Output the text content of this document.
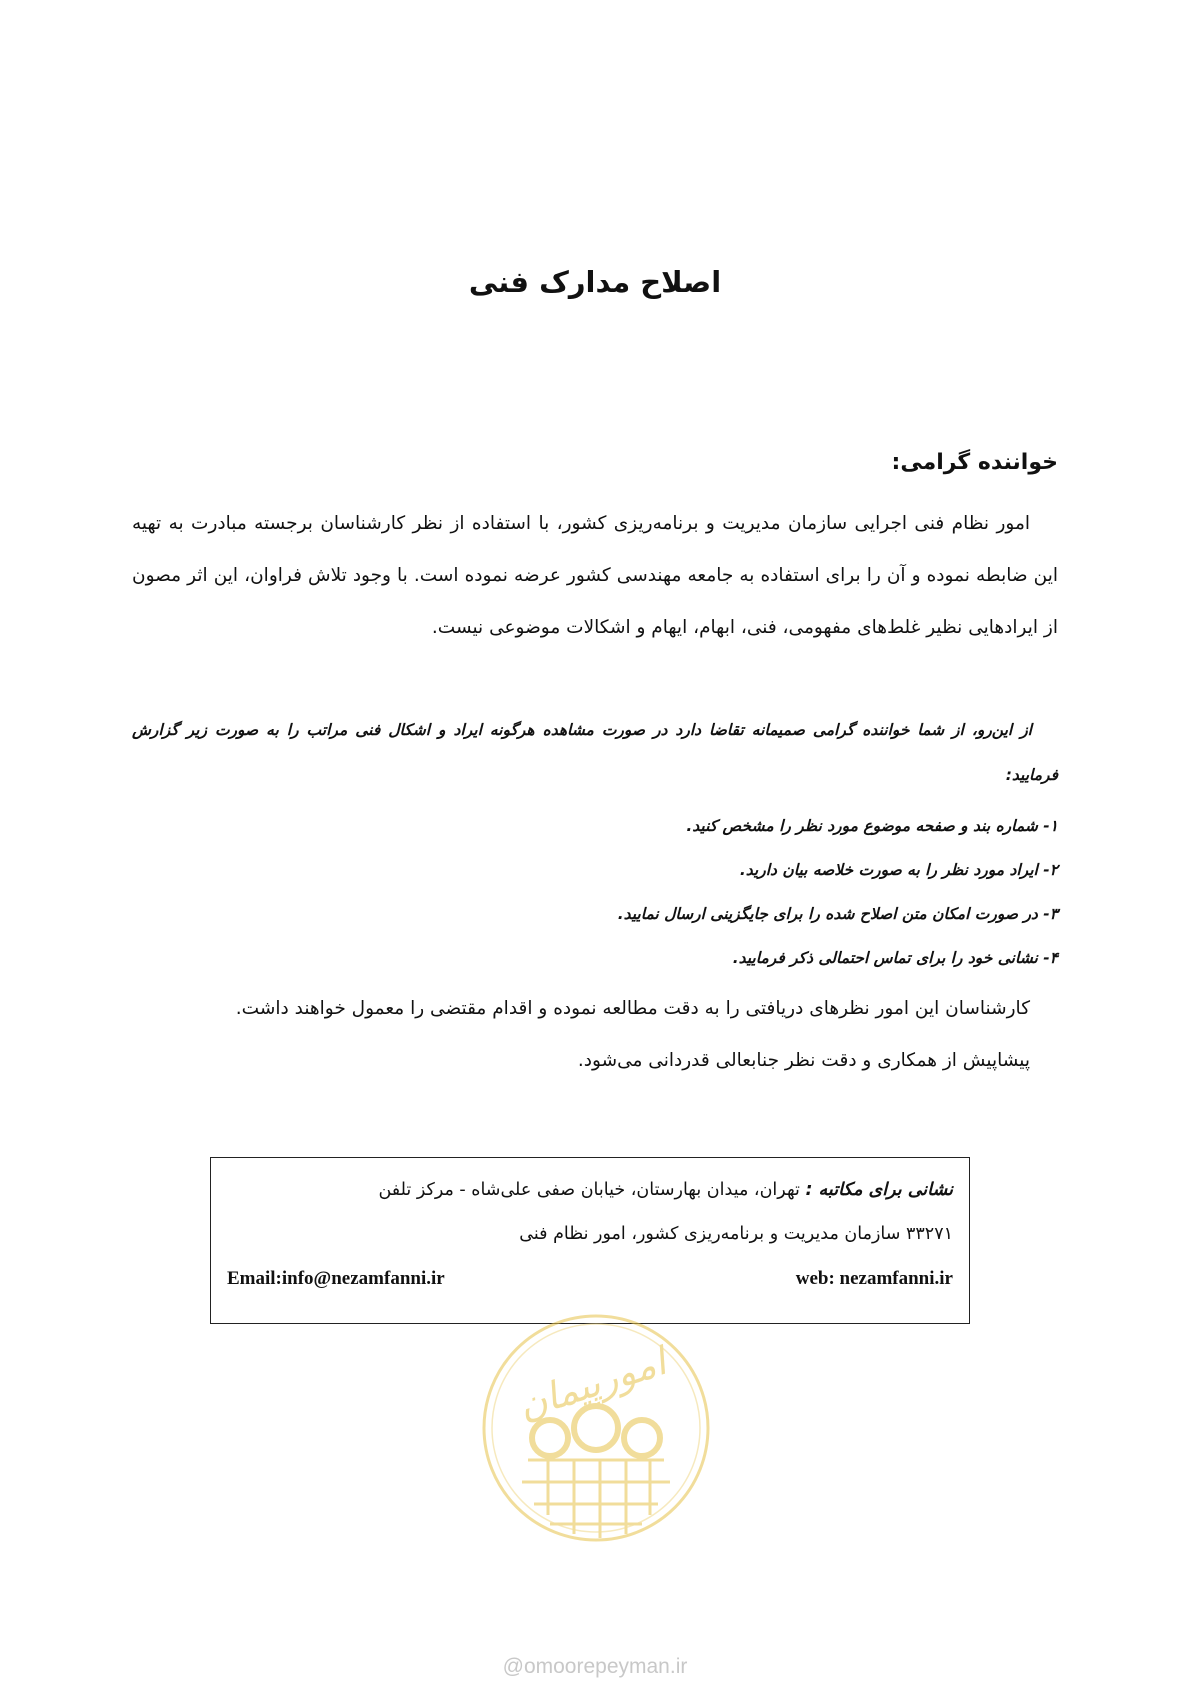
اصلاح مدارک فنی
خواننده گرامی:

امور نظام فنی اجرایی سازمان مدیریت و برنامه‌ریزی کشور، با استفاده از نظر کارشناسان برجسته مبادرت به تهیه این ضابطه نموده و آن را برای استفاده به جامعه مهندسی کشور عرضه نموده است. با وجود تلاش فراوان، این اثر مصون از ایرادهایی نظیر غلط‌های مفهومی، فنی، ابهام، ایهام و اشکالات موضوعی نیست.

از این‌رو، از شما خواننده گرامی صمیمانه تقاضا دارد در صورت مشاهده هرگونه ایراد و اشکال فنی مراتب را به صورت زیر گزارش فرمایید:

۱- شماره بند و صفحه موضوع مورد نظر را مشخص کنید.
۲- ایراد مورد نظر را به صورت خلاصه بیان دارید.
۳- در صورت امکان متن اصلاح شده را برای جایگزینی ارسال نمایید.
۴- نشانی خود را برای تماس احتمالی ذکر فرمایید.

کارشناسان این امور نظرهای دریافتی را به دقت مطالعه نموده و اقدام مقتضی را معمول خواهند داشت.

پیشاپیش از همکاری و دقت نظر جنابعالی قدردانی می‌شود.

نشانی برای مکاتبه : تهران، میدان بهارستان، خیابان صفی علی‌شاه - مرکز تلفن
۳۳۲۷۱ سازمان مدیریت و برنامه‌ریزی کشور، امور نظام فنی
web: nezamfanni.ir
Email:info@nezamfanni.ir
امورپیمان
@omoorepeyman.ir
